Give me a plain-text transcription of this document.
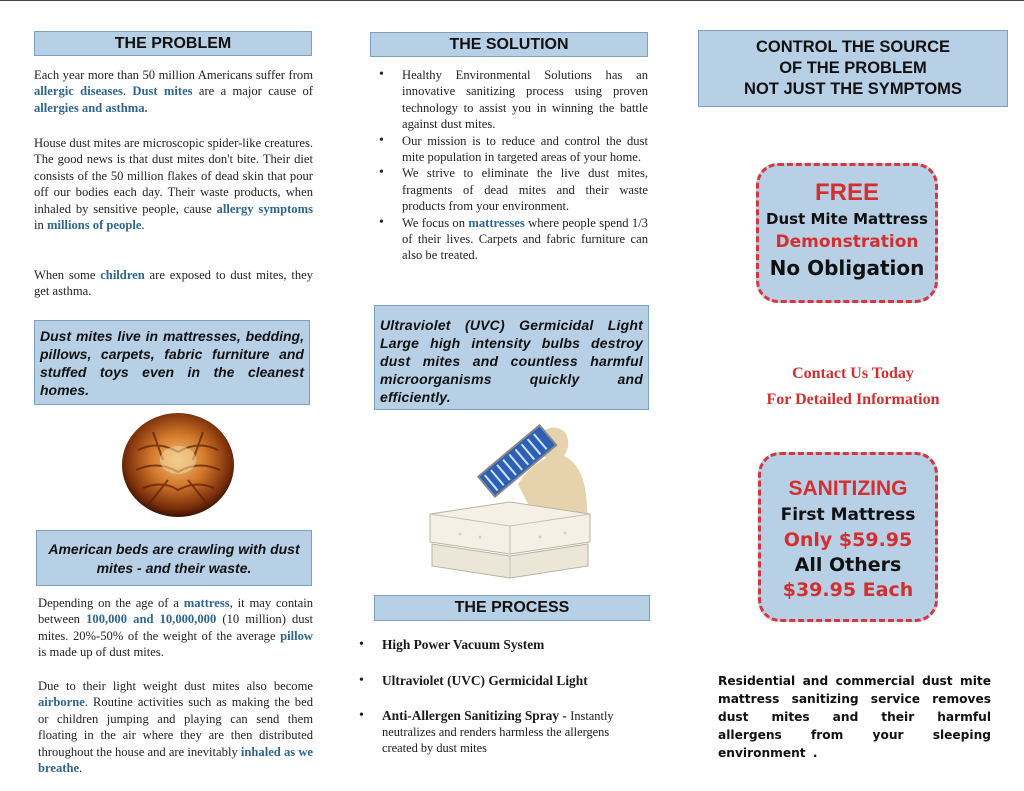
THE PROBLEM

Each year more than 50 million Americans suffer from allergic diseases. Dust mites are a major cause of allergies and asthma.

House dust mites are microscopic spider-like creatures. The good news is that dust mites don't bite. Their diet consists of the 50 million flakes of dead skin that pour off our bodies each day. Their waste products, when inhaled by sensitive people, cause allergy symptoms in millions of people.

When some children are exposed to dust mites, they get asthma.

Dust mites live in mattresses, bedding, pillows, carpets, fabric furniture and stuffed toys even in the cleanest homes.
American beds are crawling with dust mites - and their waste.

Depending on the age of a mattress, it may contain between 100,000 and 10,000,000 (10 million) dust mites. 20%-50% of the weight of the average pillow is made up of dust mites.

Due to their light weight dust mites also become airborne. Routine activities such as making the bed or children jumping and playing can send them floating in the air where they are then distributed throughout the house and are inevitably inhaled as we breathe.

THE SOLUTION
• Healthy Environmental Solutions has an innovative sanitizing process using proven technology to assist you in winning the battle against dust mites.
• Our mission is to reduce and control the dust mite population in targeted areas of your home.
• We strive to eliminate the live dust mites, fragments of dead mites and their waste products from your environment.
• We focus on mattresses where people spend 1/3 of their lives. Carpets and fabric furniture can also be treated.
Ultraviolet (UVC) Germicidal Light Large high intensity bulbs destroy dust mites and countless harmful microorganisms quickly and efficiently.
THE PROCESS
• High Power Vacuum System
• Ultraviolet (UVC) Germicidal Light
• Anti-Allergen Sanitizing Spray - Instantly neutralizes and renders harmless the allergens created by dust mites
CONTROL THE SOURCE
OF THE PROBLEM
NOT JUST THE SYMPTOMS
FREE
Dust Mite Mattress
Demonstration
No Obligation
Contact Us Today
For Detailed Information
SANITIZING
First Mattress
Only $59.95
All Others
$39.95 Each

Residential and commercial dust mite mattress sanitizing service removes dust mites and their harmful allergens from your sleeping environment .
